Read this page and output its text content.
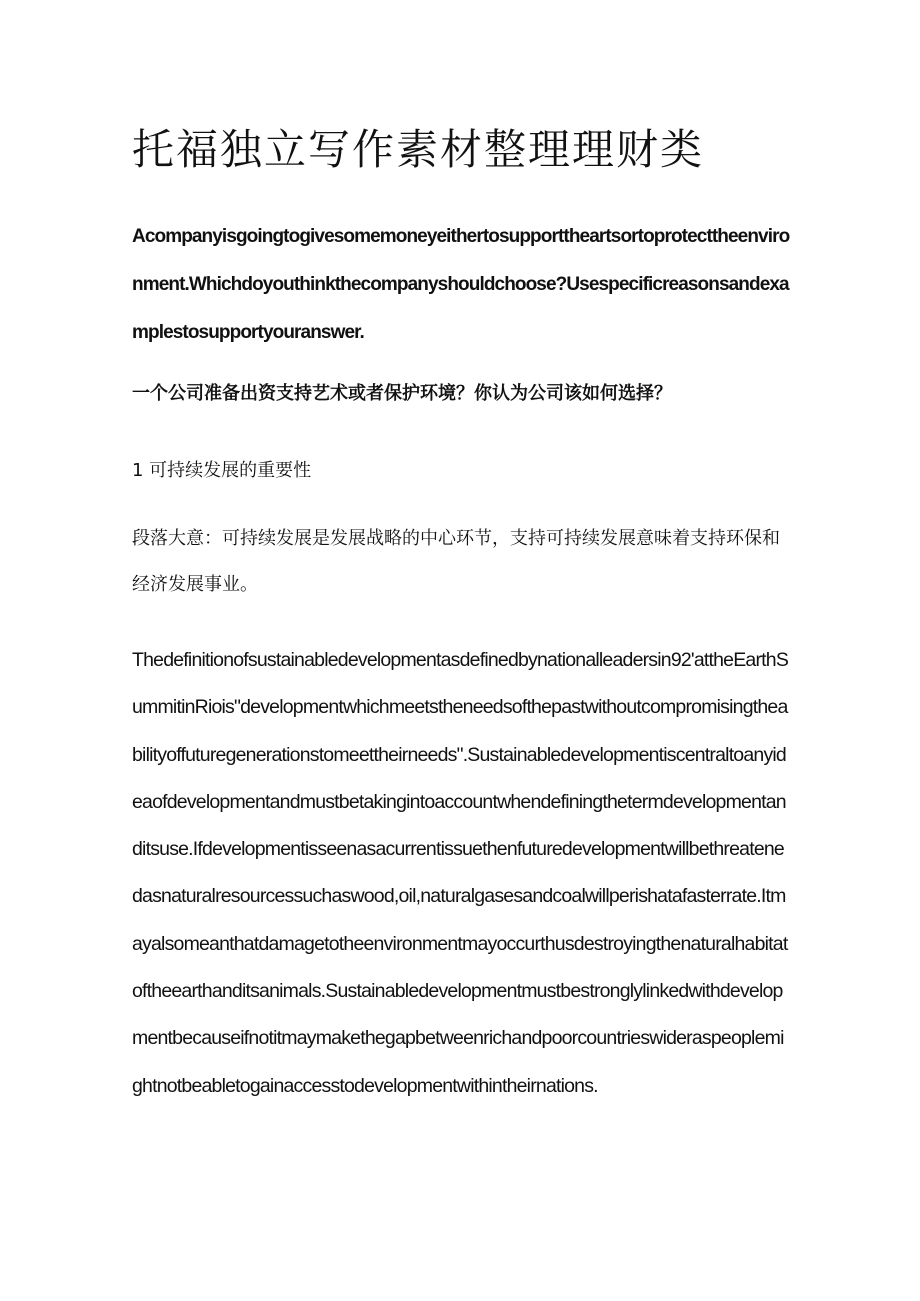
托福独立写作素材整理理财类

Acompanyisgoingtogivesomemoneyeithertosupporttheartsortoprotecttheenvironment.Whichdoyouthinkthecompanyshouldchoose?Usespecificreasonsandexamplestosupportyouranswer.

一个公司准备出资支持艺术或者保护环境？你认为公司该如何选择？

1 可持续发展的重要性

段落大意：可持续发展是发展战略的中心环节，支持可持续发展意味着支持环保和经济发展事业。

Thedefinitionofsustainabledevelopmentasdefinedbynationalleadersin92'attheEarthSummitinRiois"developmentwhichmeetstheneedsofthepastwithoutcompromisingtheabilityoffuturegenerationstomeettheirneeds".Sustainabledevelopmentiscentraltoanyideaofdevelopmentandmustbetakingintoaccountwhendefiningthetermdevelopmentanditsuse.Ifdevelopmentisseenasacurrentissuethenfuturedevelopmentwillbethreatenedasnaturalresourcessuchaswood,oil,naturalgasesandcoalwillperishatafasterrate.Itmayalsomeanthatdamagetotheenvironmentmayoccurthusdestroyingthenaturalhabitatoftheearthanditsanimals.Sustainabledevelopmentmustbestronglylinkedwithdevelopmentbecauseifnotitmaymakethegapbetweenrichandpoorcountrieswideraspeoplemightnotbeabletogainaccesstodevelopmentwithintheirnations.
